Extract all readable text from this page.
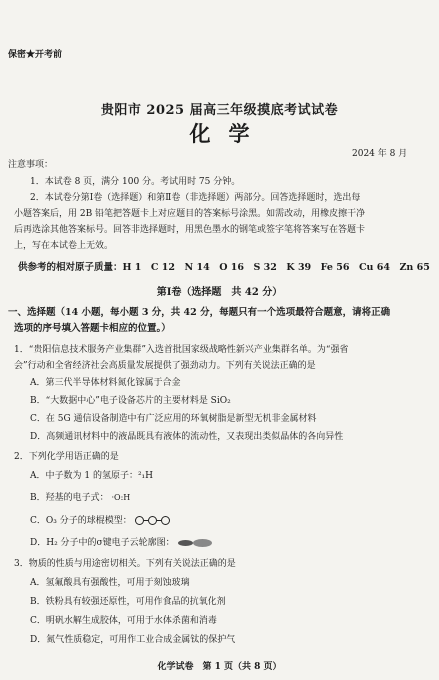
保密★开考前
贵阳市 2025 届高三年级摸底考试试卷
化学
2024 年 8 月
注意事项：
1．本试卷 8 页，满分 100 分。考试用时 75 分钟。
2．本试卷分第Ⅰ卷（选择题）和第Ⅱ卷（非选择题）两部分。回答选择题时，选出每
小题答案后，用 2B 铅笔把答题卡上对应题目的答案标号涂黑。如需改动，用橡皮擦干净
后再选涂其他答案标号。回答非选择题时，用黑色墨水的钢笔或签字笔将答案写在答题卡
上，写在本试卷上无效。
供参考的相对原子质量：H 1　C 12　N 14　O 16　S 32　K 39　Fe 56　Cu 64　Zn 65
第Ⅰ卷（选择题　共 42 分）
一、选择题（14 小题，每小题 3 分，共 42 分，每题只有一个选项最符合题意，请将正确
选项的序号填入答题卡相应的位置。）
1．“贵阳信息技术服务产业集群”入选首批国家级战略性新兴产业集群名单。为“强省
会”行动和全省经济社会高质量发展提供了强劲动力。下列有关说法正确的是
A．第三代半导体材料氮化镓属于合金
B．“大数据中心”电子设备芯片的主要材料是 SiO₂
C．在 5G 通信设备制造中有广泛应用的环氧树脂是新型无机非金属材料
D．高频通讯材料中的液晶既具有液体的流动性，又表现出类似晶体的各向异性
2．下列化学用语正确的是
A．中子数为 1 的氢原子：²₁H
B．羟基的电子式： ·O:H
C．O₃ 分子的球棍模型：
D．H₂ 分子中的σ键电子云轮廓图：
3．物质的性质与用途密切相关。下列有关说法正确的是
A．氢氟酸具有强酸性，可用于刻蚀玻璃
B．铁粉具有较强还原性，可用作食品的抗氧化剂
C．明矾水解生成胶体，可用于水体杀菌和消毒
D．氮气性质稳定，可用作工业合成金属钛的保护气
化学试卷　第 1 页（共 8 页）
